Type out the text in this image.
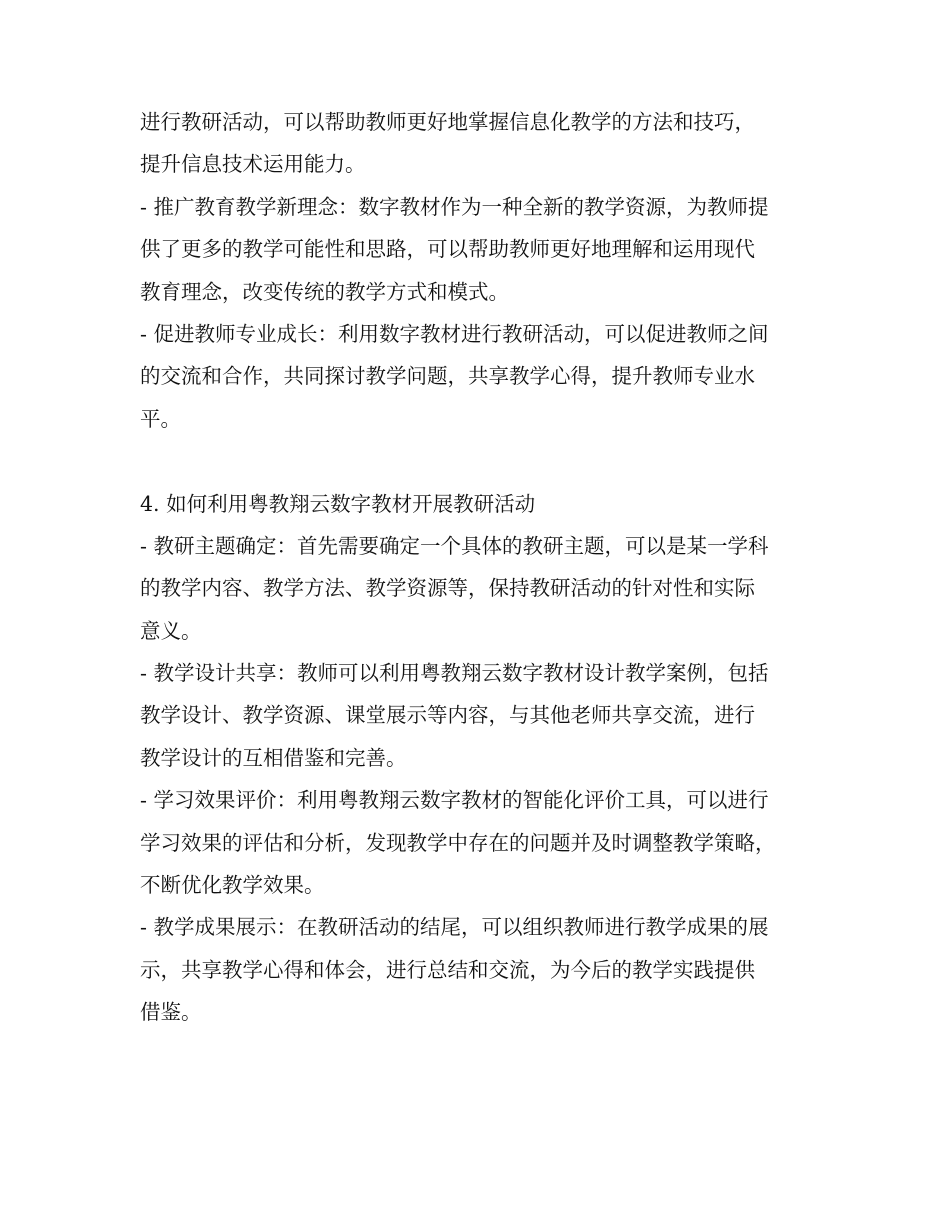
进行教研活动，可以帮助教师更好地掌握信息化教学的方法和技巧，
提升信息技术运用能力。
- 推广教育教学新理念：数字教材作为一种全新的教学资源，为教师提
供了更多的教学可能性和思路，可以帮助教师更好地理解和运用现代
教育理念，改变传统的教学方式和模式。
- 促进教师专业成长：利用数字教材进行教研活动，可以促进教师之间
的交流和合作，共同探讨教学问题，共享教学心得，提升教师专业水
平。
4. 如何利用粤教翔云数字教材开展教研活动
- 教研主题确定：首先需要确定一个具体的教研主题，可以是某一学科
的教学内容、教学方法、教学资源等，保持教研活动的针对性和实际
意义。
- 教学设计共享：教师可以利用粤教翔云数字教材设计教学案例，包括
教学设计、教学资源、课堂展示等内容，与其他老师共享交流，进行
教学设计的互相借鉴和完善。
- 学习效果评价：利用粤教翔云数字教材的智能化评价工具，可以进行
学习效果的评估和分析，发现教学中存在的问题并及时调整教学策略，
不断优化教学效果。
- 教学成果展示：在教研活动的结尾，可以组织教师进行教学成果的展
示，共享教学心得和体会，进行总结和交流，为今后的教学实践提供
借鉴。
